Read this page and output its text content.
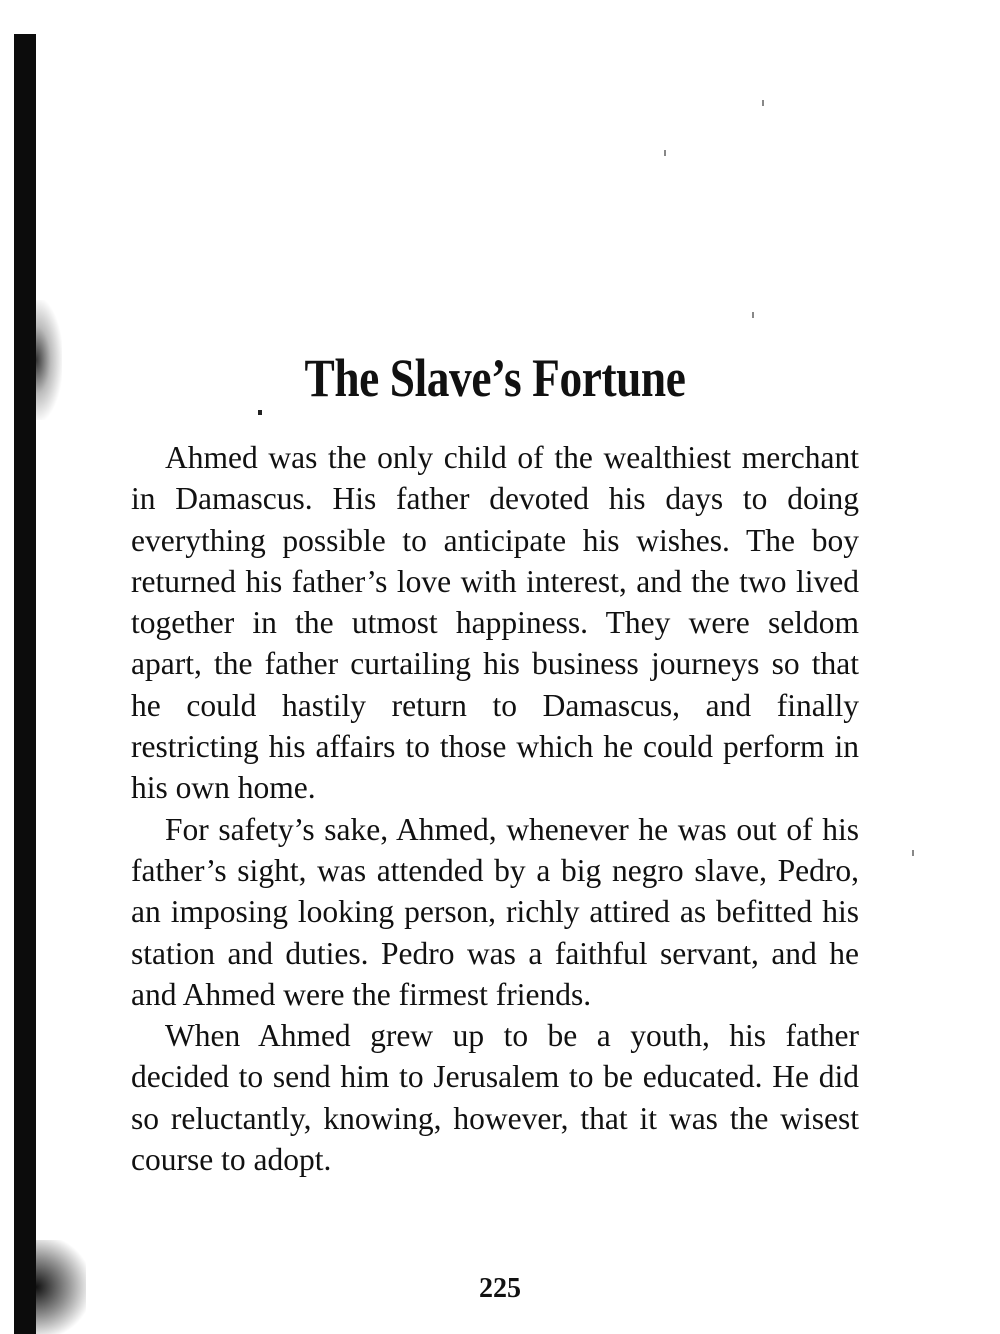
The Slave’s Fortune

Ahmed was the only child of the wealthiest merchant in Damascus. His father devoted his days to doing everything possible to anticipate his wishes. The boy returned his father’s love with interest, and the two lived together in the utmost happiness. They were seldom apart, the father curtailing his business journeys so that he could hastily return to Damascus, and finally restricting his affairs to those which he could perform in his own home.

For safety’s sake, Ahmed, whenever he was out of his father’s sight, was attended by a big negro slave, Pedro, an imposing looking person, richly attired as befitted his station and duties. Pedro was a faithful servant, and he and Ahmed were the firmest friends.

When Ahmed grew up to be a youth, his father decided to send him to Jerusalem to be educated. He did so reluctantly, knowing, however, that it was the wisest course to adopt.

225
